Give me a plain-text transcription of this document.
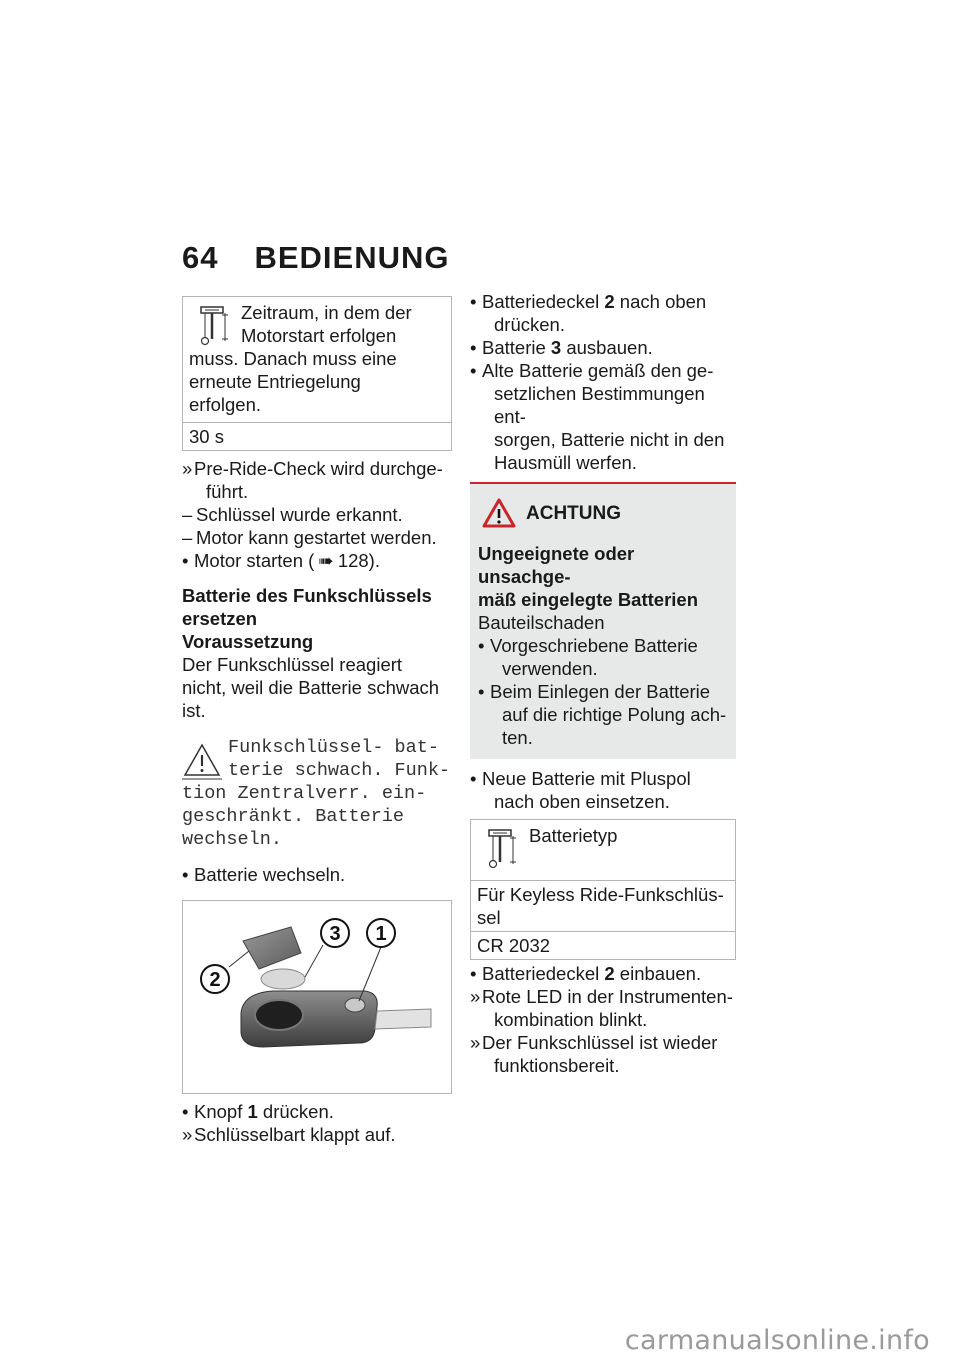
64 BEDIENUNG
Zeitraum, in dem der
Motorstart erfolgen
muss. Danach muss eine
erneute Entriegelung
erfolgen.
30 s
» Pre-Ride-Check wird durchge-
führt.
– Schlüssel wurde erkannt.
– Motor kann gestartet werden.
• Motor starten ( ➠ 128).
Batterie des Funkschlüssels
ersetzen
Voraussetzung
Der Funkschlüssel reagiert
nicht, weil die Batterie schwach
ist.
Funkschlüssel- bat-
terie schwach. Funk-
tion Zentralverr. ein-
geschränkt. Batterie
wechseln.
• Batterie wechseln.
2
3 1
• Knopf 1 drücken.
» Schlüsselbart klappt auf.
• Batteriedeckel 2 nach oben
drücken.
• Batterie 3 ausbauen.
• Alte Batterie gemäß den ge-
setzlichen Bestimmungen ent-
sorgen, Batterie nicht in den
Hausmüll werfen.
ACHTUNG
Ungeeignete oder unsachge-
mäß eingelegte Batterien
Bauteilschaden
• Vorgeschriebene Batterie
verwenden.
• Beim Einlegen der Batterie
auf die richtige Polung ach-
ten.
• Neue Batterie mit Pluspol
nach oben einsetzen.
Batterietyp
Für Keyless Ride-Funkschlüs-
sel
CR 2032
• Batteriedeckel 2 einbauen.
» Rote LED in der Instrumenten-
kombination blinkt.
» Der Funkschlüssel ist wieder
funktionsbereit.
carmanualsonline.info
